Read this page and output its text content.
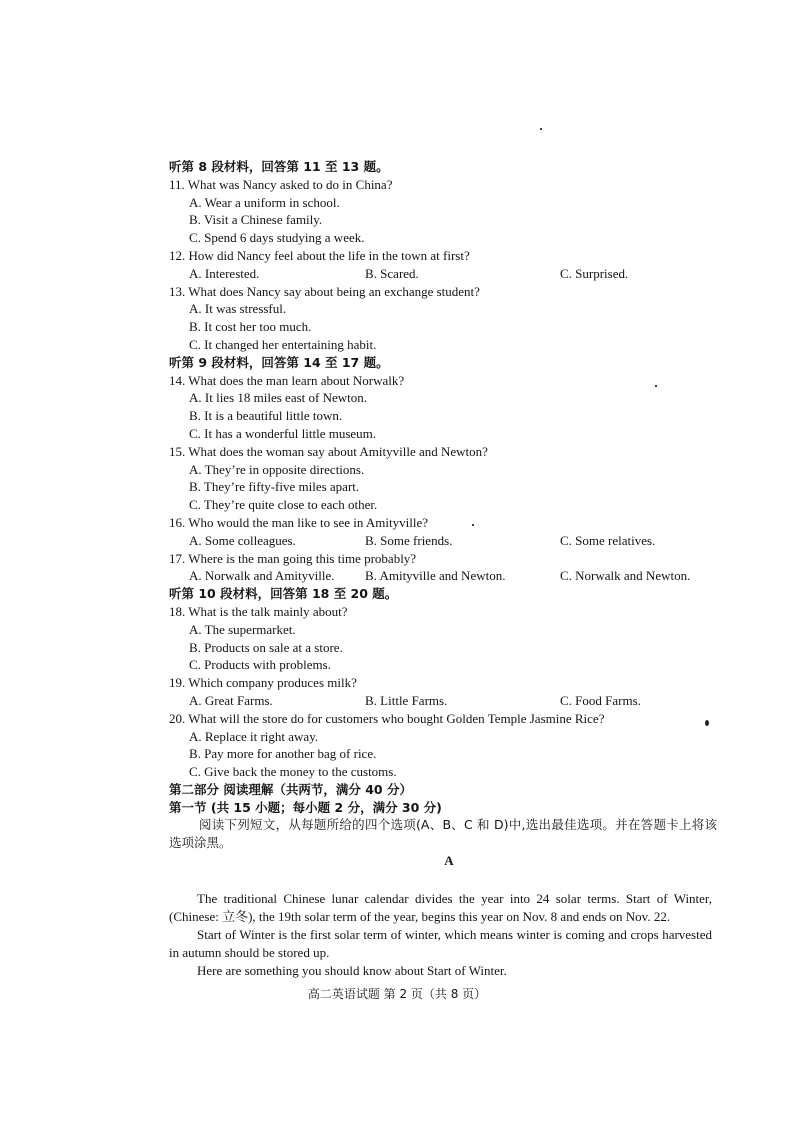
听第 8 段材料，回答第 11 至 13 题。
11. What was Nancy asked to do in China?
A. Wear a uniform in school.
B. Visit a Chinese family.
C. Spend 6 days studying a week.
12. How did Nancy feel about the life in the town at first?
A. Interested.	B. Scared.	C. Surprised.
13. What does Nancy say about being an exchange student?
A. It was stressful.
B. It cost her too much.
C. It changed her entertaining habit.
听第 9 段材料，回答第 14 至 17 题。
14. What does the man learn about Norwalk?
A. It lies 18 miles east of Newton.
B. It is a beautiful little town.
C. It has a wonderful little museum.
15. What does the woman say about Amityville and Newton?
A. They’re in opposite directions.
B. They’re fifty-five miles apart.
C. They’re quite close to each other.
16. Who would the man like to see in Amityville?
A. Some colleagues.	B. Some friends.	C. Some relatives.
17. Where is the man going this time probably?
A. Norwalk and Amityville. B. Amityville and Newton.	C. Norwalk and Newton.
听第 10 段材料，回答第 18 至 20 题。
18. What is the talk mainly about?
A. The supermarket.
B. Products on sale at a store.
C. Products with problems.
19. Which company produces milk?
A. Great Farms.	B. Little Farms.	C. Food Farms.
20. What will the store do for customers who bought Golden Temple Jasmine Rice?
A. Replace it right away.
B. Pay more for another bag of rice.
C. Give back the money to the customs.
第二部分 阅读理解（共两节，满分 40 分）
第一节 (共 15 小题；每小题 2 分，满分 30 分)
阅读下列短文，从每题所给的四个选项(A、B、C 和 D)中,选出最佳选项。并在答题卡上将该选项涂黑。
A
The traditional Chinese lunar calendar divides the year into 24 solar terms. Start of Winter, (Chinese: 立冬), the 19th solar term of the year, begins this year on Nov. 8 and ends on Nov. 22.
Start of Winter is the first solar term of winter, which means winter is coming and crops harvested in autumn should be stored up.
Here are something you should know about Start of Winter.
高二英语试题 第 2 页（共 8 页）
